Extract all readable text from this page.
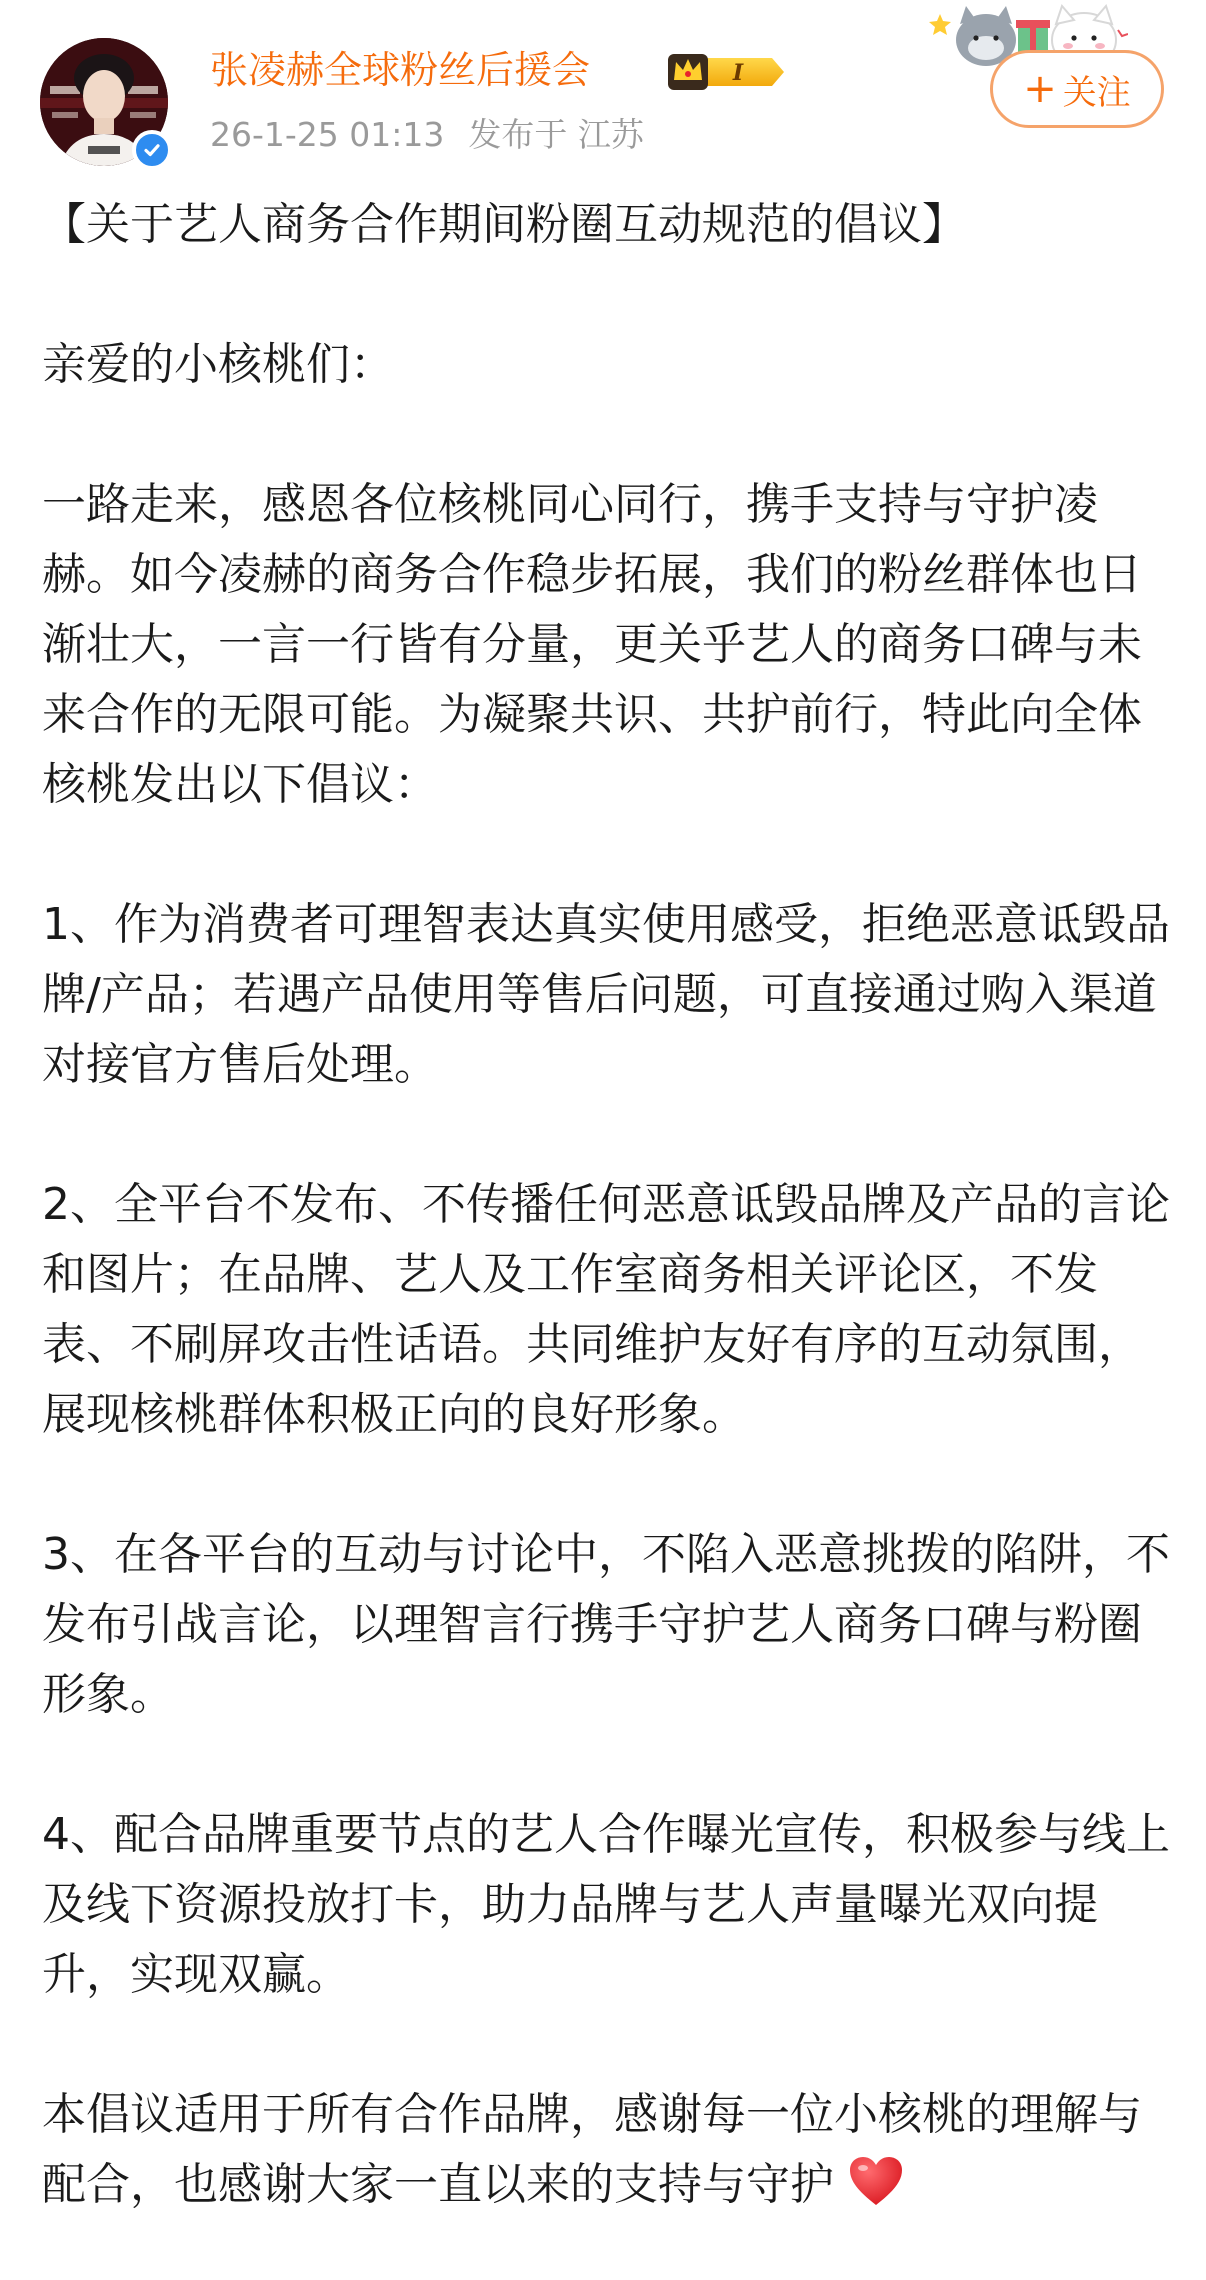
张凌赫全球粉丝后援会	I
26-1-25 01:13 发布于 江苏
+ 关注

【关于艺人商务合作期间粉圈互动规范的倡议】

亲爱的小核桃们：

一路走来，感恩各位核桃同心同行，携手支持与守护凌赫。如今凌赫的商务合作稳步拓展，我们的粉丝群体也日渐壮大，一言一行皆有分量，更关乎艺人的商务口碑与未来合作的无限可能。为凝聚共识、共护前行，特此向全体核桃发出以下倡议：

1、作为消费者可理智表达真实使用感受，拒绝恶意诋毁品牌/产品；若遇产品使用等售后问题，可直接通过购入渠道对接官方售后处理。

2、全平台不发布、不传播任何恶意诋毁品牌及产品的言论和图片；在品牌、艺人及工作室商务相关评论区，不发表、不刷屏攻击性话语。共同维护友好有序的互动氛围，展现核桃群体积极正向的良好形象。

3、在各平台的互动与讨论中，不陷入恶意挑拨的陷阱，不发布引战言论，以理智言行携手守护艺人商务口碑与粉圈形象。

4、配合品牌重要节点的艺人合作曝光宣传，积极参与线上及线下资源投放打卡，助力品牌与艺人声量曝光双向提升，实现双赢。

本倡议适用于所有合作品牌，感谢每一位小核桃的理解与配合，也感谢大家一直以来的支持与守护
